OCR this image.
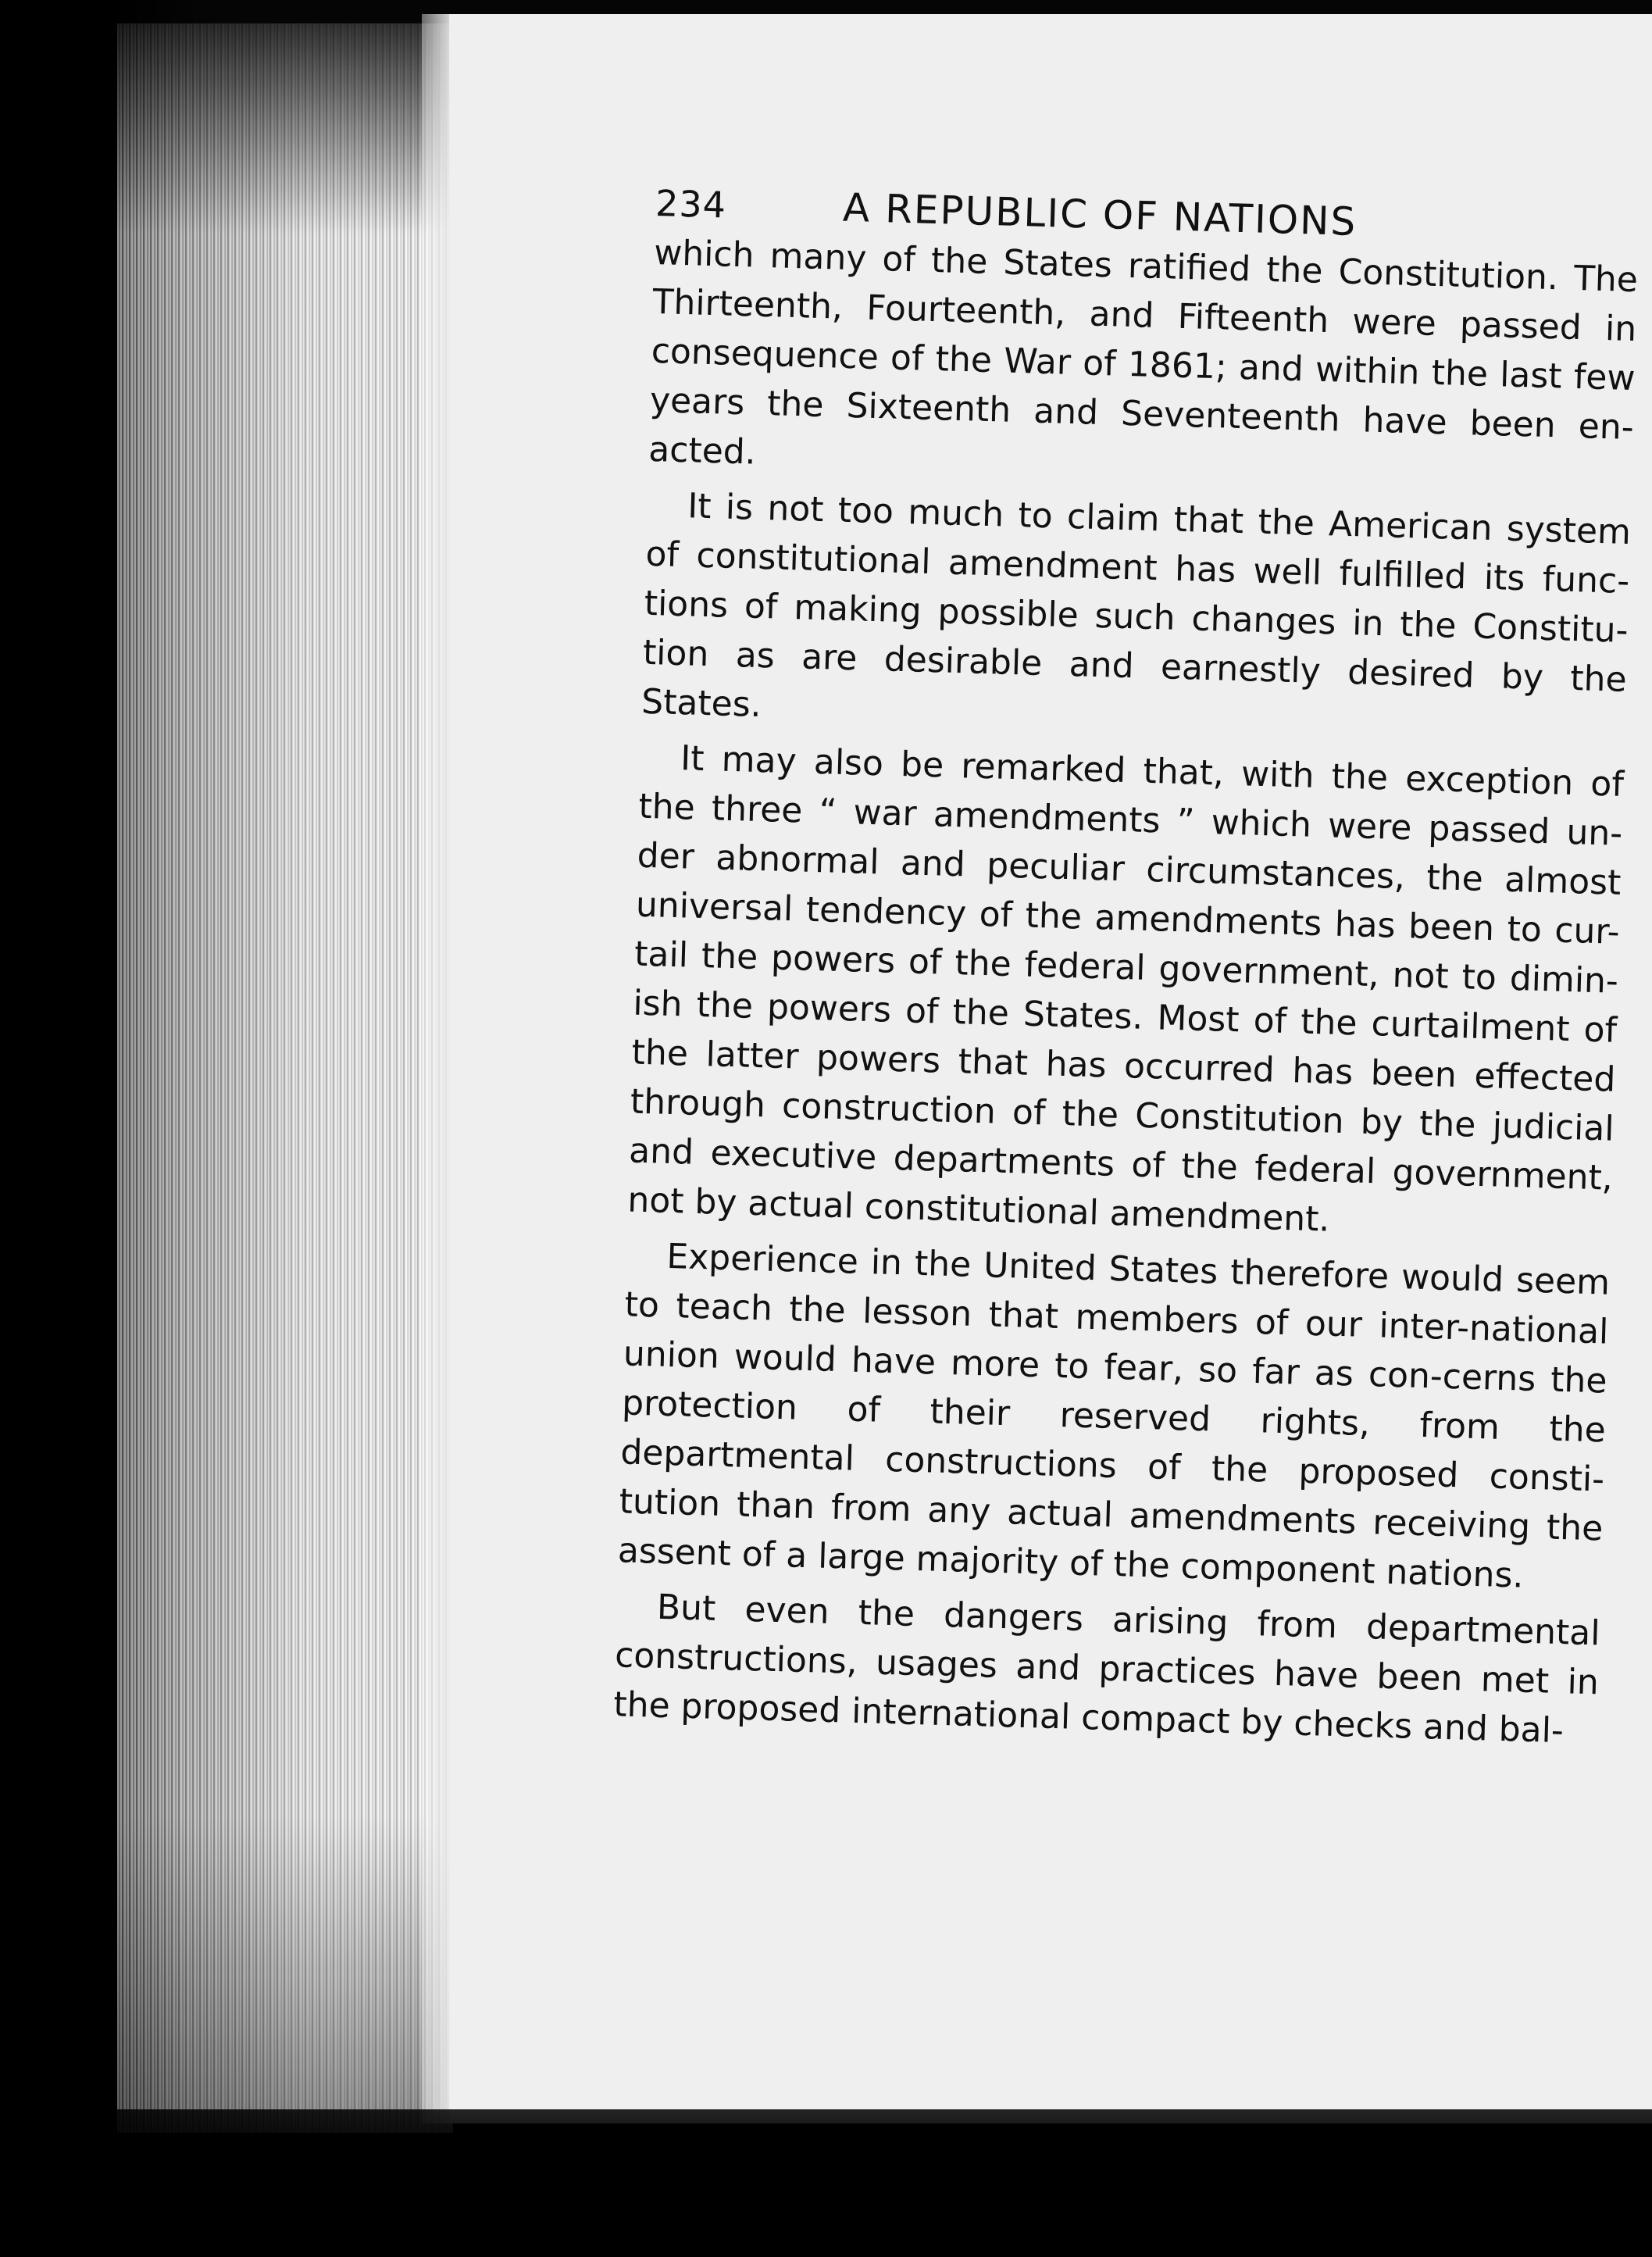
234	A REPUBLIC OF NATIONS

which many of the States ratified the Constitution. The Thirteenth, Fourteenth, and Fifteenth were passed in consequence of the War of 1861; and within the last few years the Sixteenth and Seventeenth have been en-acted.

It is not too much to claim that the American system of constitutional amendment has well fulfilled its func-tions of making possible such changes in the Constitu-tion as are desirable and earnestly desired by the States.

It may also be remarked that, with the exception of the three “ war amendments ” which were passed un-der abnormal and peculiar circumstances, the almost universal tendency of the amendments has been to cur-tail the powers of the federal government, not to dimin-ish the powers of the States. Most of the curtailment of the latter powers that has occurred has been effected through construction of the Constitution by the judicial and executive departments of the federal government, not by actual constitutional amendment.

Experience in the United States therefore would seem to teach the lesson that members of our inter-national union would have more to fear, so far as con-cerns the protection of their reserved rights, from the departmental constructions of the proposed consti-tution than from any actual amendments receiving the assent of a large majority of the component nations.

But even the dangers arising from departmental constructions, usages and practices have been met in the proposed international compact by checks and bal-
